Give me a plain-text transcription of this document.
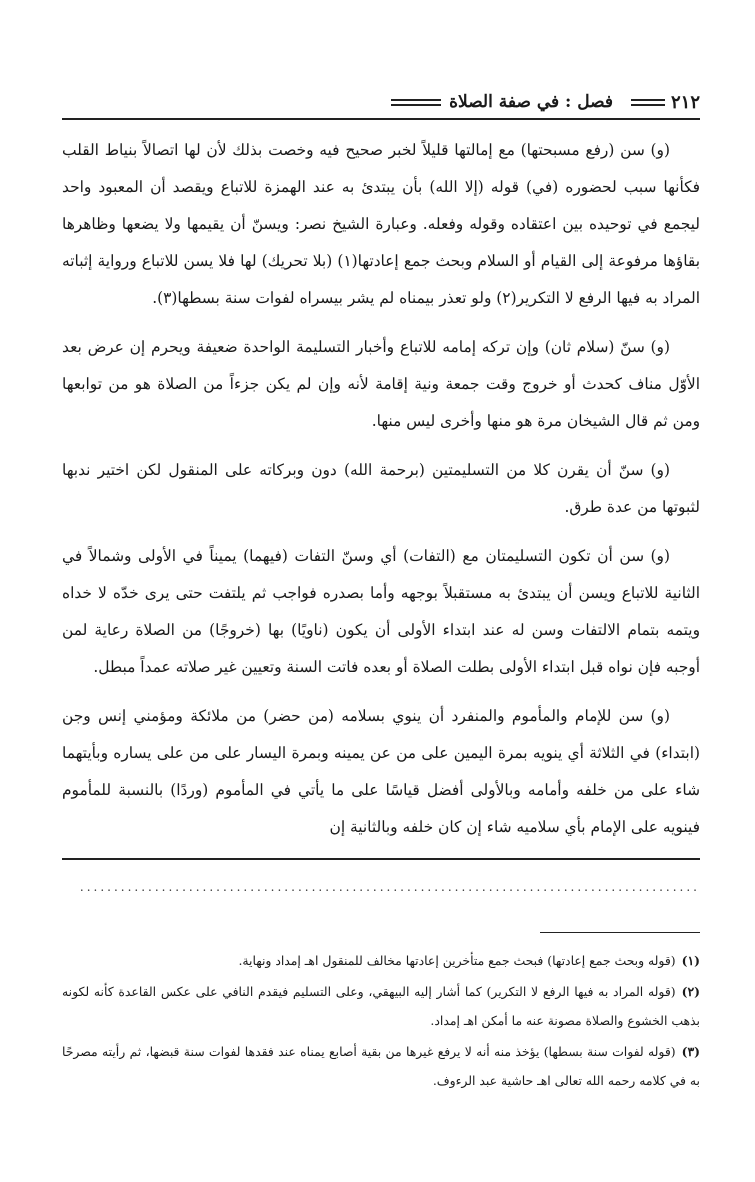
٢١٢
فصل : في صفة الصلاة

(و) سن (رفع مسبحتها) مع إمالتها قليلاً لخبر صحيح فيه وخصت بذلك لأن لها اتصالاً بنياط القلب فكأنها سبب لحضوره (في) قوله (إلا الله) بأن يبتدئ به عند الهمزة للاتباع ويقصد أن المعبود واحد ليجمع في توحيده بين اعتقاده وقوله وفعله. وعبارة الشيخ نصر: ويسنّ أن يقيمها ولا يضعها وظاهرها بقاؤها مرفوعة إلى القيام أو السلام وبحث جمع إعادتها(١) (بلا تحريك) لها فلا يسن للاتباع ورواية إثباته المراد به فيها الرفع لا التكرير(٢) ولو تعذر بيمناه لم يشر بيسراه لفوات سنة بسطها(٣).

(و) سنّ (سلام ثان) وإن تركه إمامه للاتباع وأخبار التسليمة الواحدة ضعيفة ويحرم إن عرض بعد الأوّل مناف كحدث أو خروج وقت جمعة ونية إقامة لأنه وإن لم يكن جزءاً من الصلاة هو من توابعها ومن ثم قال الشيخان مرة هو منها وأخرى ليس منها.

(و) سنّ أن يقرن كلا من التسليمتين (برحمة الله) دون وبركاته على المنقول لكن اختير ندبها لثبوتها من عدة طرق.

(و) سن أن تكون التسليمتان مع (التفات) أي وسنّ التفات (فيهما) يميناً في الأولى وشمالاً في الثانية للاتباع ويسن أن يبتدئ به مستقبلاً بوجهه وأما بصدره فواجب ثم يلتفت حتى يرى خدّه لا خداه ويتمه بتمام الالتفات وسن له عند ابتداء الأولى أن يكون (ناويًا) بها (خروجًا) من الصلاة رعاية لمن أوجبه فإن نواه قبل ابتداء الأولى بطلت الصلاة أو بعده فاتت السنة وتعيين غير صلاته عمداً مبطل.

(و) سن للإمام والمأموم والمنفرد أن ينوي بسلامه (من حضر) من ملائكة ومؤمني إنس وجن (ابتداء) في الثلاثة أي ينويه بمرة اليمين على من عن يمينه وبمرة اليسار على من على يساره وبأيتهما شاء على من خلفه وأمامه وبالأولى أفضل قياسًا على ما يأتي في المأموم (وردًا) بالنسبة للمأموم فينويه على الإمام بأي سلاميه شاء إن كان خلفه وبالثانية إن

...........................................................................................

(١)(قوله وبحث جمع إعادتها) فبحث جمع متأخرين إعادتها مخالف للمنقول اهـ إمداد ونهاية.

(٢)(قوله المراد به فيها الرفع لا التكرير) كما أشار إليه البيهقي، وعلى التسليم فيقدم النافي على عكس القاعدة كأنه لكونه بذهب الخشوع والصلاة مصونة عنه ما أمكن اهـ إمداد.

(٣)(قوله لفوات سنة بسطها) يؤخذ منه أنه لا يرفع غيرها من بقية أصابع يمناه عند فقدها لفوات سنة قبضها، ثم رأيته مصرحًا به في كلامه رحمه الله تعالى اهـ حاشية عبد الرءوف.
